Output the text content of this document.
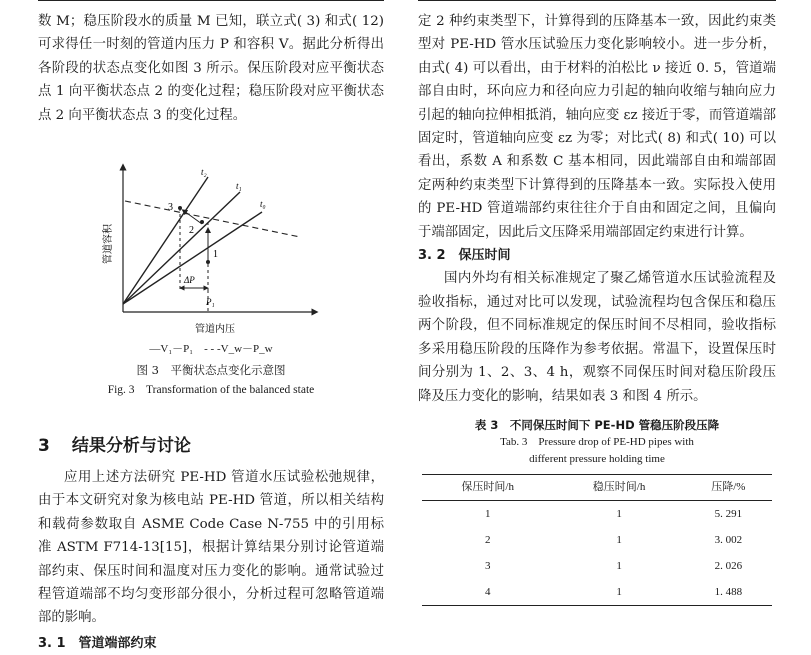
数 M；稳压阶段水的质量 M 已知，联立式( 3) 和式( 12) 可求得任一时刻的管道内压力 P 和容积 V。据此分析得出各阶段的状态点变化如图 3 所示。保压阶段对应平衡状态点 1 向平衡状态点 2 的变化过程；稳压阶段对应平衡状态点 2 向平衡状态点 3 的变化过程。

t₂
t₁
t₀
3
2
1
ΔP
P₁
管道容积
管道内压
—V₁－P₁ - - -V_w－P_w
图 3　平衡状态点变化示意图
Fig. 3　Transformation of the balanced state
3 结果分析与讨论

应用上述方法研究 PE-HD 管道水压试验松弛规律，由于本文研究对象为核电站 PE-HD 管道，所以相关结构和载荷参数取自 ASME Code Case N-755 中的引用标准 ASTM F714-13[15]，根据计算结果分别讨论管道端部约束、保压时间和温度对压力变化的影响。通常试验过程管道端部不均匀变形部分很小，分析过程可忽略管道端部的影响。

3. 1　管道端部约束

定 2 种约束类型下，计算得到的压降基本一致，因此约束类型对 PE-HD 管水压试验压力变化影响较小。进一步分析，由式( 4) 可以看出，由于材料的泊松比 ν 接近 0. 5，管道端部自由时，环向应力和径向应力引起的轴向收缩与轴向应力引起的轴向拉伸相抵消，轴向应变 εz 接近于零，而管道端部固定时，管道轴向应变 εz 为零；对比式( 8) 和式( 10) 可以看出，系数 A 和系数 C 基本相同，因此端部自由和端部固定两种约束类型下计算得到的压降基本一致。实际投入使用的 PE-HD 管道端部约束往往介于自由和固定之间，且偏向于端部固定，因此后文压降采用端部固定约束进行计算。

3. 2　保压时间

国内外均有相关标准规定了聚乙烯管道水压试验流程及验收指标，通过对比可以发现，试验流程均包含保压和稳压两个阶段，但不同标准规定的保压时间不尽相同，验收指标多采用稳压阶段的压降作为参考依据。常温下，设置保压时间分别为 1、2、3、4 h，观察不同保压时间对稳压阶段压降及压力变化的影响，结果如表 3 和图 4 所示。

表 3　不同保压时间下 PE-HD 管稳压阶段压降
Tab. 3　Pressure drop of PE-HD pipes with
different pressure holding time
保压时间/h	稳压时间/h	压降/%
1	1	5. 291
2	1	3. 002
3	1	2. 026
4	1	1. 488
